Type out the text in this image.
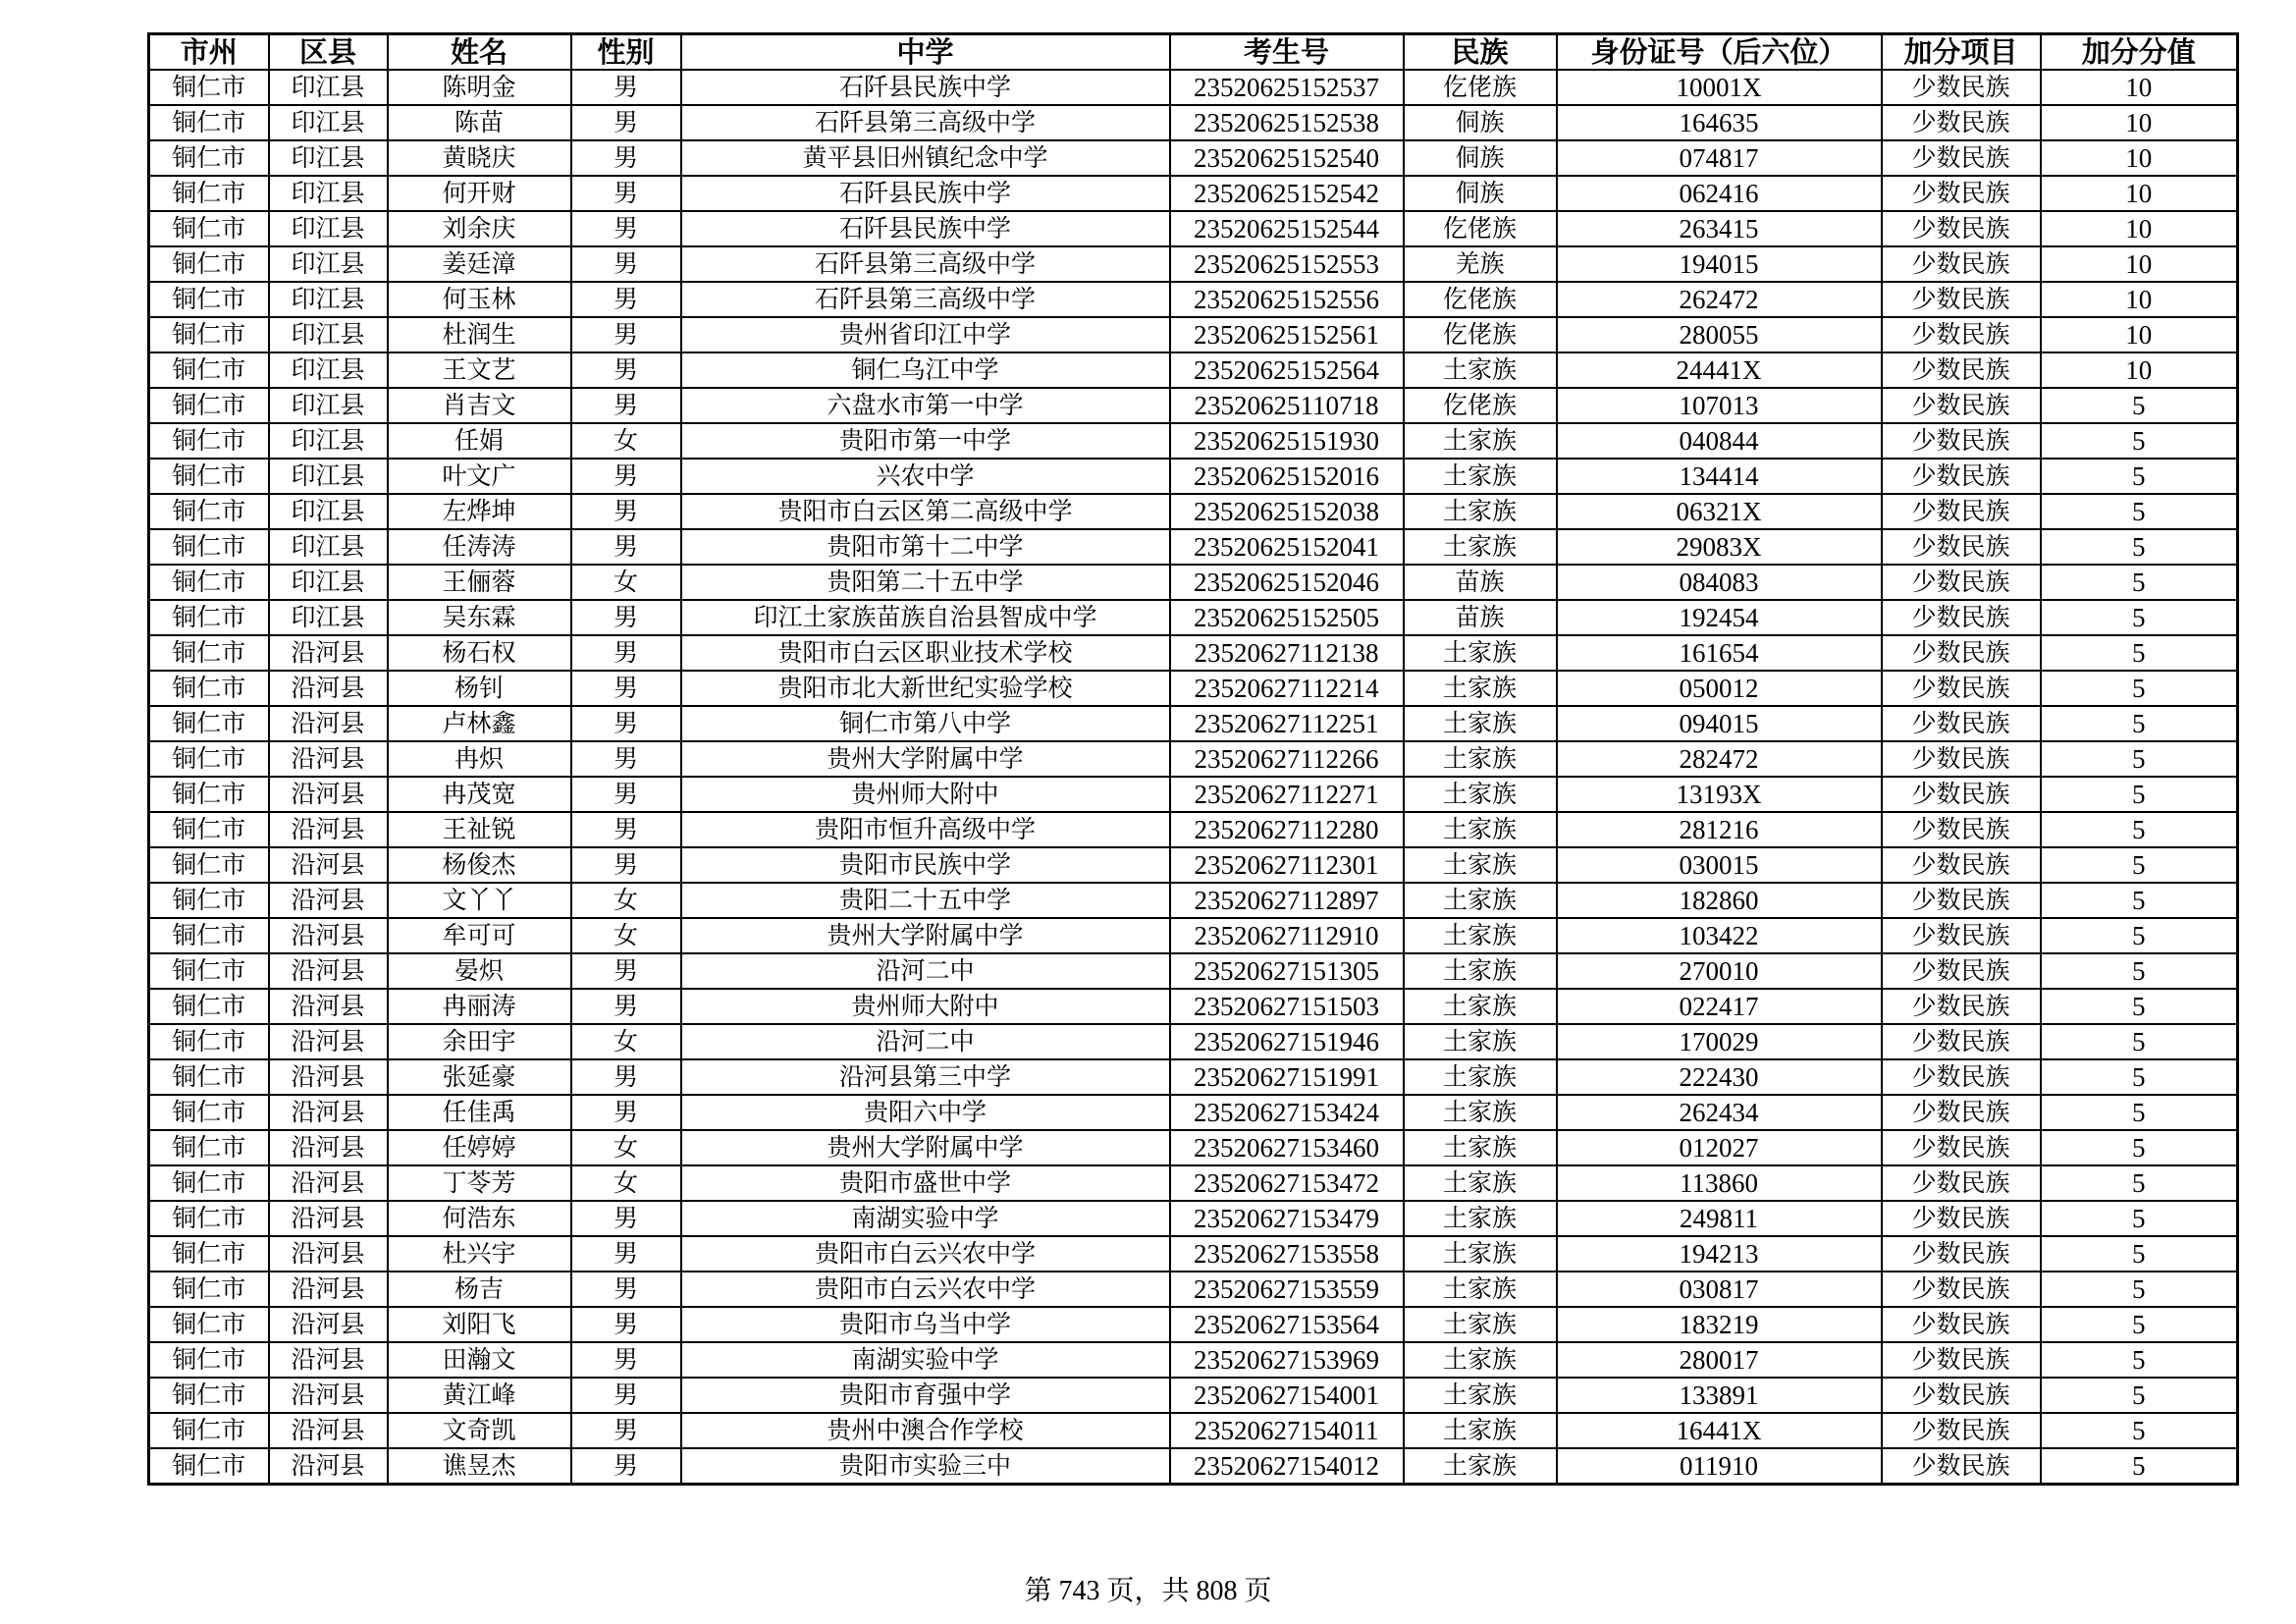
市州	区县	姓名	性别	中学	考生号	民族	身份证号（后六位）	加分项目	加分分值
铜仁市	印江县	陈明金	男	石阡县民族中学	23520625152537	仡佬族	10001X	少数民族	10
铜仁市	印江县	陈苗	男	石阡县第三高级中学	23520625152538	侗族	164635	少数民族	10
铜仁市	印江县	黄晓庆	男	黄平县旧州镇纪念中学	23520625152540	侗族	074817	少数民族	10
铜仁市	印江县	何开财	男	石阡县民族中学	23520625152542	侗族	062416	少数民族	10
铜仁市	印江县	刘余庆	男	石阡县民族中学	23520625152544	仡佬族	263415	少数民族	10
铜仁市	印江县	姜廷漳	男	石阡县第三高级中学	23520625152553	羌族	194015	少数民族	10
铜仁市	印江县	何玉林	男	石阡县第三高级中学	23520625152556	仡佬族	262472	少数民族	10
铜仁市	印江县	杜润生	男	贵州省印江中学	23520625152561	仡佬族	280055	少数民族	10
铜仁市	印江县	王文艺	男	铜仁乌江中学	23520625152564	土家族	24441X	少数民族	10
铜仁市	印江县	肖吉文	男	六盘水市第一中学	23520625110718	仡佬族	107013	少数民族	5
铜仁市	印江县	任娟	女	贵阳市第一中学	23520625151930	土家族	040844	少数民族	5
铜仁市	印江县	叶文广	男	兴农中学	23520625152016	土家族	134414	少数民族	5
铜仁市	印江县	左烨坤	男	贵阳市白云区第二高级中学	23520625152038	土家族	06321X	少数民族	5
铜仁市	印江县	任涛涛	男	贵阳市第十二中学	23520625152041	土家族	29083X	少数民族	5
铜仁市	印江县	王俪蓉	女	贵阳第二十五中学	23520625152046	苗族	084083	少数民族	5
铜仁市	印江县	吴东霖	男	印江土家族苗族自治县智成中学	23520625152505	苗族	192454	少数民族	5
铜仁市	沿河县	杨石权	男	贵阳市白云区职业技术学校	23520627112138	土家族	161654	少数民族	5
铜仁市	沿河县	杨钊	男	贵阳市北大新世纪实验学校	23520627112214	土家族	050012	少数民族	5
铜仁市	沿河县	卢林鑫	男	铜仁市第八中学	23520627112251	土家族	094015	少数民族	5
铜仁市	沿河县	冉炽	男	贵州大学附属中学	23520627112266	土家族	282472	少数民族	5
铜仁市	沿河县	冉茂宽	男	贵州师大附中	23520627112271	土家族	13193X	少数民族	5
铜仁市	沿河县	王祉锐	男	贵阳市恒升高级中学	23520627112280	土家族	281216	少数民族	5
铜仁市	沿河县	杨俊杰	男	贵阳市民族中学	23520627112301	土家族	030015	少数民族	5
铜仁市	沿河县	文丫丫	女	贵阳二十五中学	23520627112897	土家族	182860	少数民族	5
铜仁市	沿河县	牟可可	女	贵州大学附属中学	23520627112910	土家族	103422	少数民族	5
铜仁市	沿河县	晏炽	男	沿河二中	23520627151305	土家族	270010	少数民族	5
铜仁市	沿河县	冉丽涛	男	贵州师大附中	23520627151503	土家族	022417	少数民族	5
铜仁市	沿河县	余田宇	女	沿河二中	23520627151946	土家族	170029	少数民族	5
铜仁市	沿河县	张延豪	男	沿河县第三中学	23520627151991	土家族	222430	少数民族	5
铜仁市	沿河县	任佳禹	男	贵阳六中学	23520627153424	土家族	262434	少数民族	5
铜仁市	沿河县	任婷婷	女	贵州大学附属中学	23520627153460	土家族	012027	少数民族	5
铜仁市	沿河县	丁苓芳	女	贵阳市盛世中学	23520627153472	土家族	113860	少数民族	5
铜仁市	沿河县	何浩东	男	南湖实验中学	23520627153479	土家族	249811	少数民族	5
铜仁市	沿河县	杜兴宇	男	贵阳市白云兴农中学	23520627153558	土家族	194213	少数民族	5
铜仁市	沿河县	杨吉	男	贵阳市白云兴农中学	23520627153559	土家族	030817	少数民族	5
铜仁市	沿河县	刘阳飞	男	贵阳市乌当中学	23520627153564	土家族	183219	少数民族	5
铜仁市	沿河县	田瀚文	男	南湖实验中学	23520627153969	土家族	280017	少数民族	5
铜仁市	沿河县	黄江峰	男	贵阳市育强中学	23520627154001	土家族	133891	少数民族	5
铜仁市	沿河县	文奇凯	男	贵州中澳合作学校	23520627154011	土家族	16441X	少数民族	5
铜仁市	沿河县	谯昱杰	男	贵阳市实验三中	23520627154012	土家族	011910	少数民族	5
第 743 页，共 808 页
